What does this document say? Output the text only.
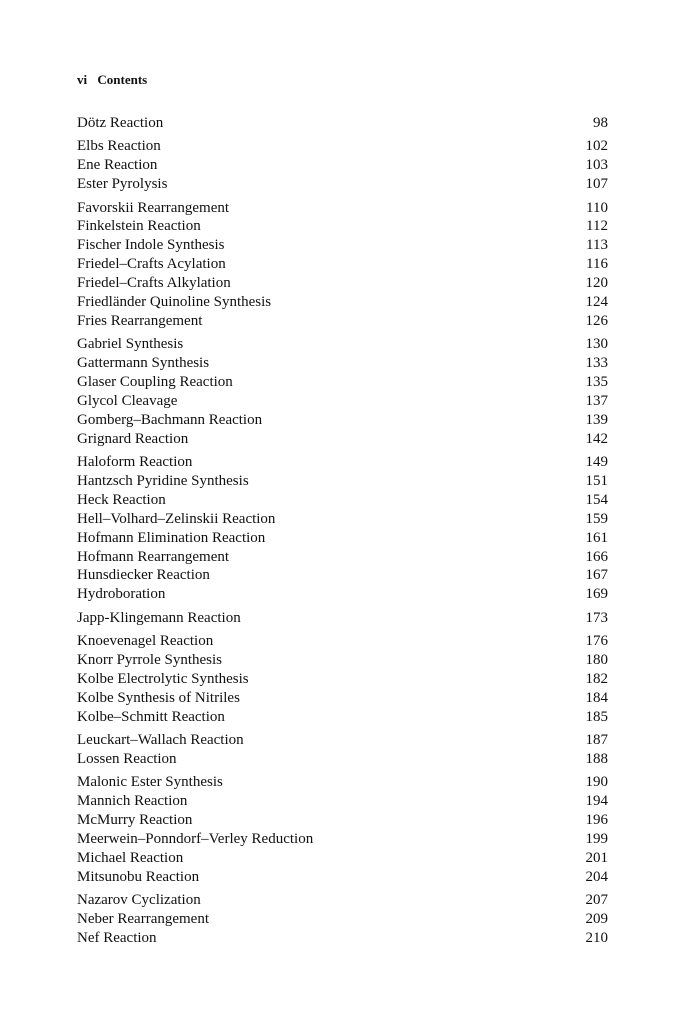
vi Contents
Dötz Reaction	98
Elbs Reaction	102
Ene Reaction	103
Ester Pyrolysis	107
Favorskii Rearrangement	110
Finkelstein Reaction	112
Fischer Indole Synthesis	113
Friedel–Crafts Acylation	116
Friedel–Crafts Alkylation	120
Friedländer Quinoline Synthesis	124
Fries Rearrangement	126
Gabriel Synthesis	130
Gattermann Synthesis	133
Glaser Coupling Reaction	135
Glycol Cleavage	137
Gomberg–Bachmann Reaction	139
Grignard Reaction	142
Haloform Reaction	149
Hantzsch Pyridine Synthesis	151
Heck Reaction	154
Hell–Volhard–Zelinskii Reaction	159
Hofmann Elimination Reaction	161
Hofmann Rearrangement	166
Hunsdiecker Reaction	167
Hydroboration	169
Japp-Klingemann Reaction	173
Knoevenagel Reaction	176
Knorr Pyrrole Synthesis	180
Kolbe Electrolytic Synthesis	182
Kolbe Synthesis of Nitriles	184
Kolbe–Schmitt Reaction	185
Leuckart–Wallach Reaction	187
Lossen Reaction	188
Malonic Ester Synthesis	190
Mannich Reaction	194
McMurry Reaction	196
Meerwein–Ponndorf–Verley Reduction	199
Michael Reaction	201
Mitsunobu Reaction	204
Nazarov Cyclization	207
Neber Rearrangement	209
Nef Reaction	210
